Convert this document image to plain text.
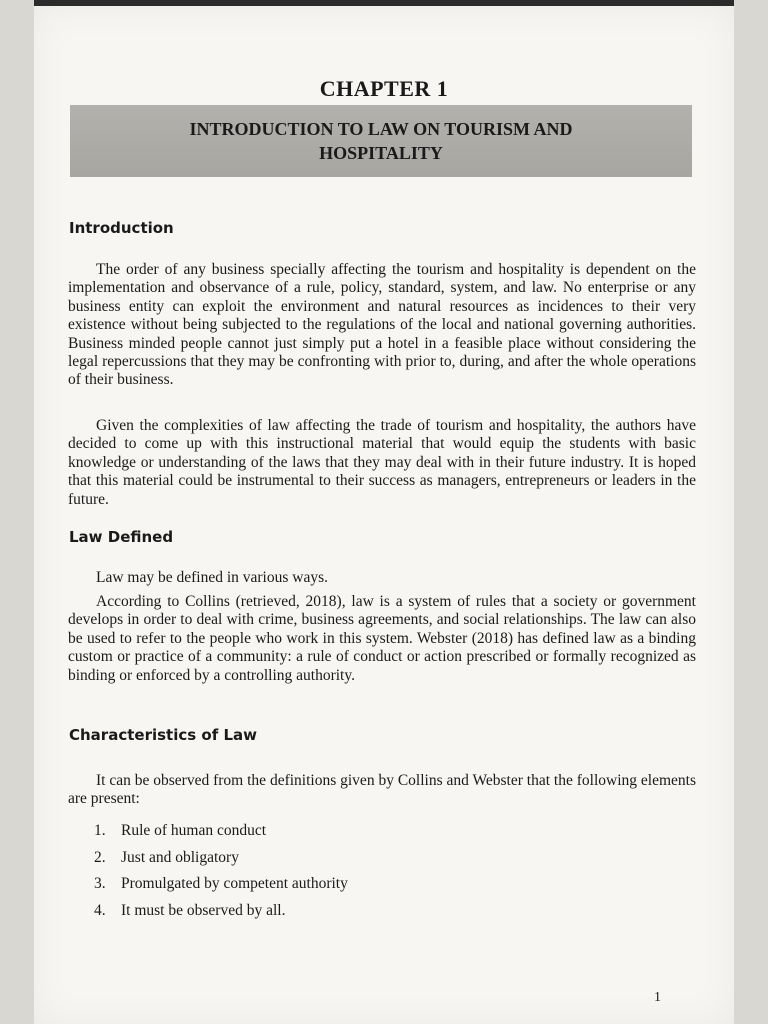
CHAPTER 1
INTRODUCTION TO LAW ON TOURISM AND HOSPITALITY
Introduction

The order of any business specially affecting the tourism and hospitality is dependent on the implementation and observance of a rule, policy, standard, system, and law. No enterprise or any business entity can exploit the environment and natural resources as incidences to their very existence without being subjected to the regulations of the local and national governing authorities. Business minded people cannot just simply put a hotel in a feasible place without considering the legal repercussions that they may be confronting with prior to, during, and after the whole operations of their business.

Given the complexities of law affecting the trade of tourism and hospitality, the authors have decided to come up with this instructional material that would equip the students with basic knowledge or understanding of the laws that they may deal with in their future industry. It is hoped that this material could be instrumental to their success as managers, entrepreneurs or leaders in the future.

Law Defined

Law may be defined in various ways.

According to Collins (retrieved, 2018), law is a system of rules that a society or government develops in order to deal with crime, business agreements, and social relationships. The law can also be used to refer to the people who work in this system. Webster (2018) has defined law as a binding custom or practice of a community: a rule of conduct or action prescribed or formally recognized as binding or enforced by a controlling authority.

Characteristics of Law

It can be observed from the definitions given by Collins and Webster that the following elements are present:

1. Rule of human conduct
2. Just and obligatory
3. Promulgated by competent authority
4. It must be observed by all.
1
